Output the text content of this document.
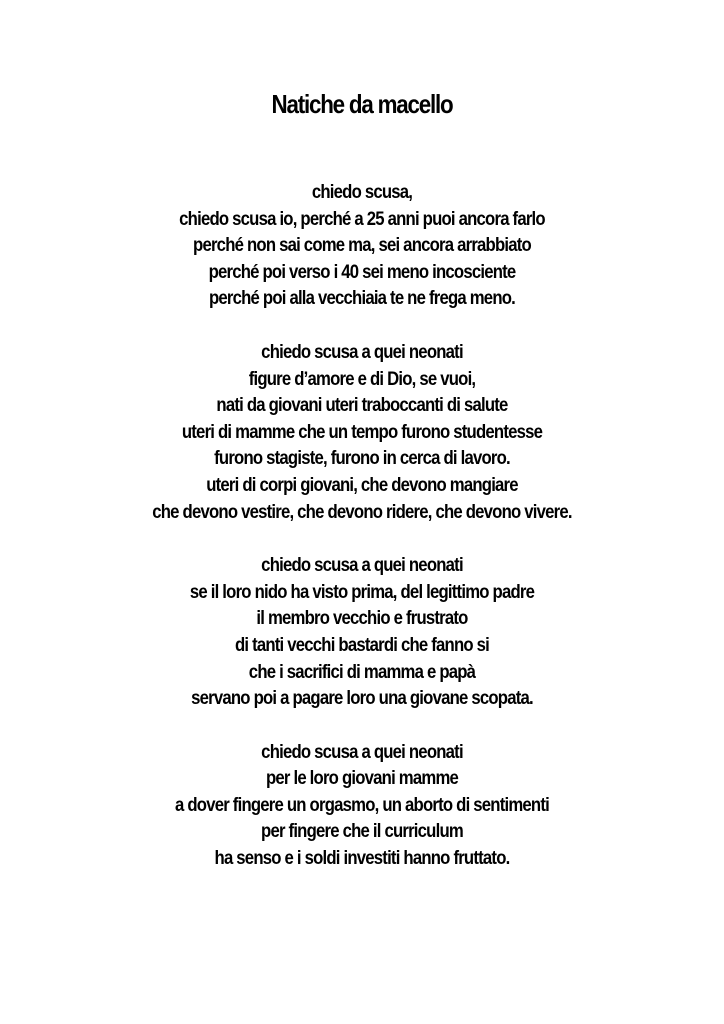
Natiche da macello
chiedo scusa,
chiedo scusa io, perché a 25 anni puoi ancora farlo
perché non sai come ma, sei ancora arrabbiato
perché poi verso i 40 sei meno incosciente
perché poi alla vecchiaia te ne frega meno.
chiedo scusa a quei neonati
figure d’amore e di Dio, se vuoi,
nati da giovani uteri traboccanti di salute
uteri di mamme che un tempo furono studentesse
furono stagiste, furono in cerca di lavoro.
uteri di corpi giovani, che devono mangiare
che devono vestire, che devono ridere, che devono vivere.
chiedo scusa a quei neonati
se il loro nido ha visto prima, del legittimo padre
il membro vecchio e frustrato
di tanti vecchi bastardi che fanno si
che i sacrifici di mamma e papà
servano poi a pagare loro una giovane scopata.
chiedo scusa a quei neonati
per le loro giovani mamme
a dover fingere un orgasmo, un aborto di sentimenti
per fingere che il curriculum
ha senso e i soldi investiti hanno fruttato.
